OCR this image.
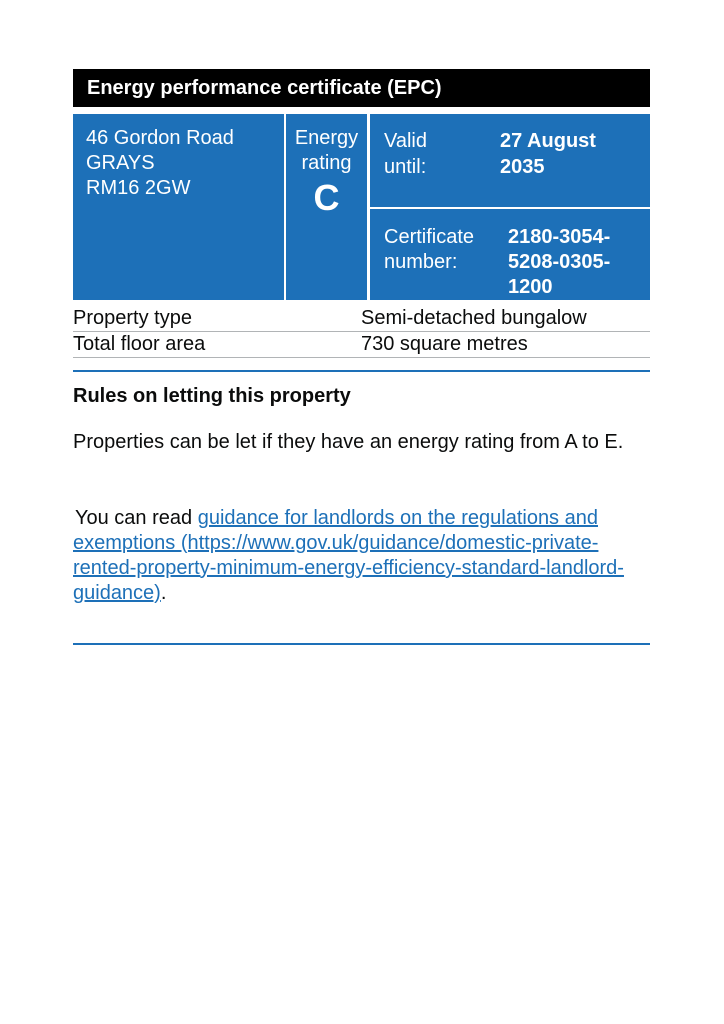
Energy performance certificate (EPC)
46 Gordon Road
GRAYS
RM16 2GW
Energy
rating
C
Valid
until:
27 August
2035
Certificate
number:
2180-3054-
5208-0305-
1200
Property type	Semi-detached bungalow
Total floor area	730 square metres
Rules on letting this property
Properties can be let if they have an energy rating from A to E.
You can read guidance for landlords on the regulations and exemptions (https://www.gov.uk/guidance/domestic-private-rented-property-minimum-energy-efficiency-standard-landlord-guidance).
